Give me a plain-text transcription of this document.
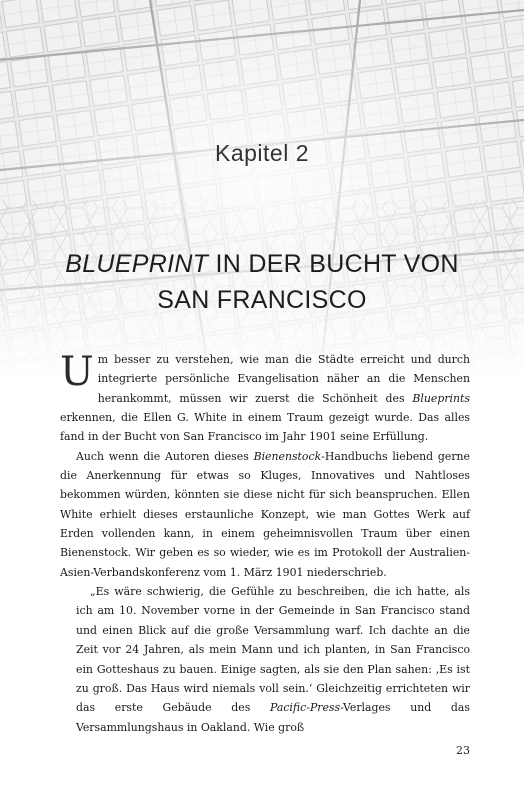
Kapitel 2
BLUEPRINT IN DER BUCHT VON
SAN FRANCISCO

Um besser zu verstehen, wie man die Städte erreicht und durch integrierte persönliche Evangelisation näher an die Menschen herankommt, müssen wir zuerst die Schönheit des Blueprints erkennen, die Ellen G. White in einem Traum gezeigt wurde. Das alles fand in der Bucht von San Francisco im Jahr 1901 seine Erfüllung.

Auch wenn die Autoren dieses Bienenstock-Handbuchs liebend gerne die Anerkennung für etwas so Kluges, Innovatives und Nahtloses bekommen würden, könnten sie diese nicht für sich beanspruchen. Ellen White erhielt dieses erstaunliche Konzept, wie man Gottes Werk auf Erden vollenden kann, in einem geheimnisvollen Traum über einen Bienenstock. Wir geben es so wieder, wie es im Protokoll der Australien-Asien-Verbandskonferenz vom 1. März 1901 niederschrieb.

„Es wäre schwierig, die Gefühle zu beschreiben, die ich hatte, als ich am 10. November vorne in der Gemeinde in San Francisco stand und einen Blick auf die große Versammlung warf. Ich dachte an die Zeit vor 24 Jahren, als mein Mann und ich planten, in San Francisco ein Gotteshaus zu bauen. Einige sagten, als sie den Plan sahen: ‚Es ist zu groß. Das Haus wird niemals voll sein.‘ Gleichzeitig errichteten wir das erste Gebäude des Pacific-Press-Verlages und das Versammlungshaus in Oakland. Wie groß

23
